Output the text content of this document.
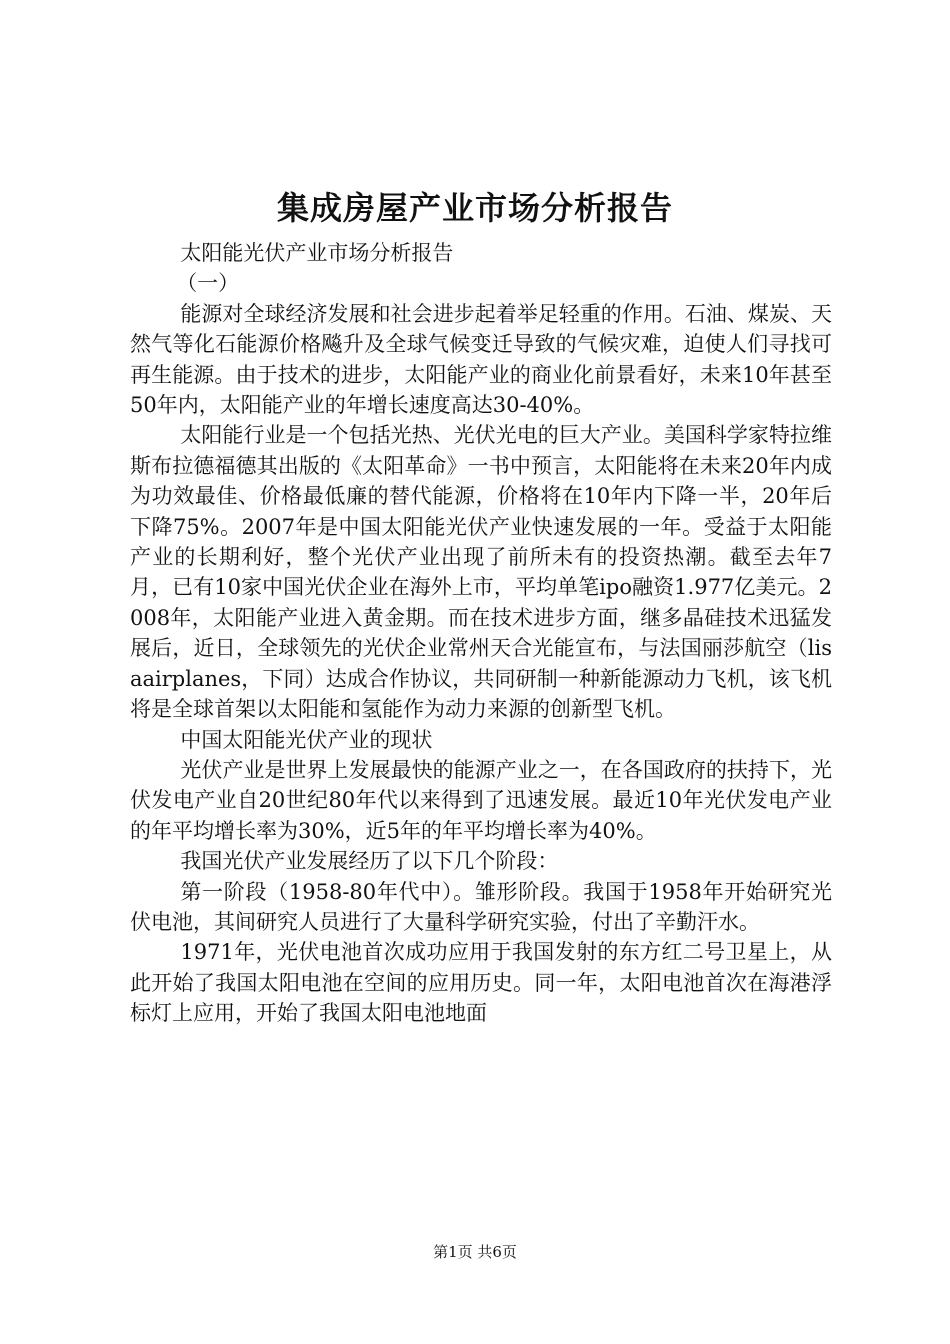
集成房屋产业市场分析报告

太阳能光伏产业市场分析报告

（一）

能源对全球经济发展和社会进步起着举足轻重的作用。石油、煤炭、天然气等化石能源价格飚升及全球气候变迁导致的气候灾难，迫使人们寻找可再生能源。由于技术的进步，太阳能产业的商业化前景看好，未来10年甚至50年内，太阳能产业的年增长速度高达30-40%。

太阳能行业是一个包括光热、光伏光电的巨大产业。美国科学家特拉维斯布拉德福德其出版的《太阳革命》一书中预言，太阳能将在未来20年内成为功效最佳、价格最低廉的替代能源，价格将在10年内下降一半，20年后下降75%。2007年是中国太阳能光伏产业快速发展的一年。受益于太阳能产业的长期利好，整个光伏产业出现了前所未有的投资热潮。截至去年7月，已有10家中国光伏企业在海外上市，平均单笔ipo融资1.977亿美元。2008年，太阳能产业进入黄金期。而在技术进步方面，继多晶硅技术迅猛发展后，近日，全球领先的光伏企业常州天合光能宣布，与法国丽莎航空（lisaairplanes，下同）达成合作协议，共同研制一种新能源动力飞机，该飞机将是全球首架以太阳能和氢能作为动力来源的创新型飞机。

中国太阳能光伏产业的现状

光伏产业是世界上发展最快的能源产业之一，在各国政府的扶持下，光伏发电产业自20世纪80年代以来得到了迅速发展。最近10年光伏发电产业的年平均增长率为30%，近5年的年平均增长率为40%。

我国光伏产业发展经历了以下几个阶段：

第一阶段（1958-80年代中）。雏形阶段。我国于1958年开始研究光伏电池，其间研究人员进行了大量科学研究实验，付出了辛勤汗水。

1971年，光伏电池首次成功应用于我国发射的东方红二号卫星上，从此开始了我国太阳电池在空间的应用历史。同一年，太阳电池首次在海港浮标灯上应用，开始了我国太阳电池地面

第1页 共6页
